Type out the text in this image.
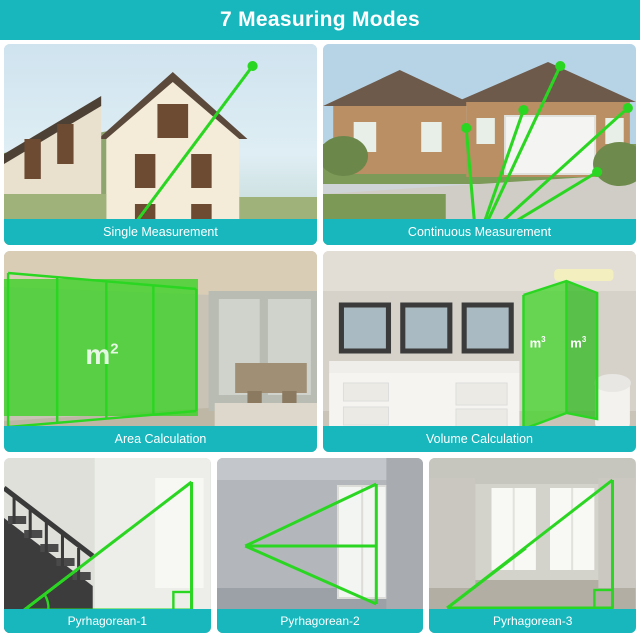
7 Measuring Modes
Single Measurement	Continuous Measurement
$m^2$
Area Calculation
$m^3$ $m^3$
Volume Calculation
Pyrhagorean-1	Pyrhagorean-2	Pyrhagorean-3
